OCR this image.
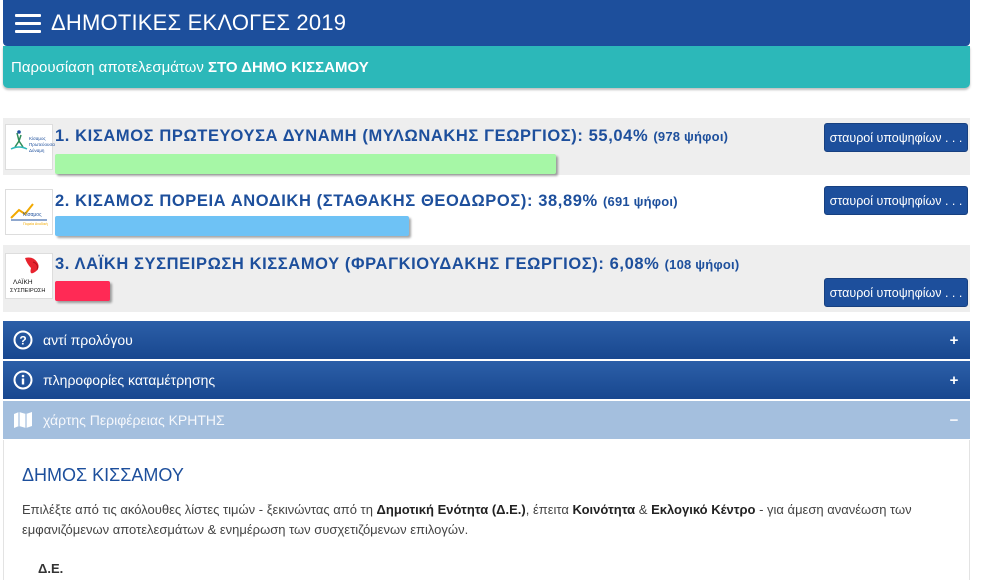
ΔΗΜΟΤΙΚΕΣ ΕΚΛΟΓΕΣ 2019
Παρουσίαση αποτελεσμάτων ΣΤΟ ΔΗΜΟ ΚΙΣΣΑΜΟΥ
Κίσαμος
Πρωτεύουσα
Δύναμη
1. ΚΙΣΑΜΟΣ ΠΡΩΤΕΥΟΥΣΑ ΔΥΝΑΜΗ (ΜΥΛΩΝΑΚΗΣ ΓΕΩΡΓΙΟΣ): 55,04% (978 ψήφοι)	σταυροί υποψηφίων . . .
Κίσαμος
Πορεία Ανοδική
2. ΚΙΣΑΜΟΣ ΠΟΡΕΙΑ ΑΝΟΔΙΚΗ (ΣΤΑΘΑΚΗΣ ΘΕΟΔΩΡΟΣ): 38,89% (691 ψήφοι)	σταυροί υποψηφίων . . .
ΛΑΪΚΗ
ΣΥΣΠΕΙΡΩΣΗ
3. ΛΑΪΚΗ ΣΥΣΠΕΙΡΩΣΗ ΚΙΣΣΑΜΟΥ (ΦΡΑΓΚΙΟΥΔΑΚΗΣ ΓΕΩΡΓΙΟΣ): 6,08% (108 ψήφοι)
σταυροί υποψηφίων . . .
? αντί προλόγου	+
πληροφορίες καταμέτρησης	+
χάρτης Περιφέρειας ΚΡΗΤΗΣ	−
ΔΗΜΟΣ ΚΙΣΣΑΜΟΥ

Επιλέξτε από τις ακόλουθες λίστες τιμών - ξεκινώντας από τη Δημοτική Ενότητα (Δ.Ε.), έπειτα Κοινότητα & Εκλογικό Κέντρο - για άμεση ανανέωση των εμφανιζόμενων αποτελεσμάτων & ενημέρωση των συσχετιζόμενων επιλογών.

Δ.Ε.
